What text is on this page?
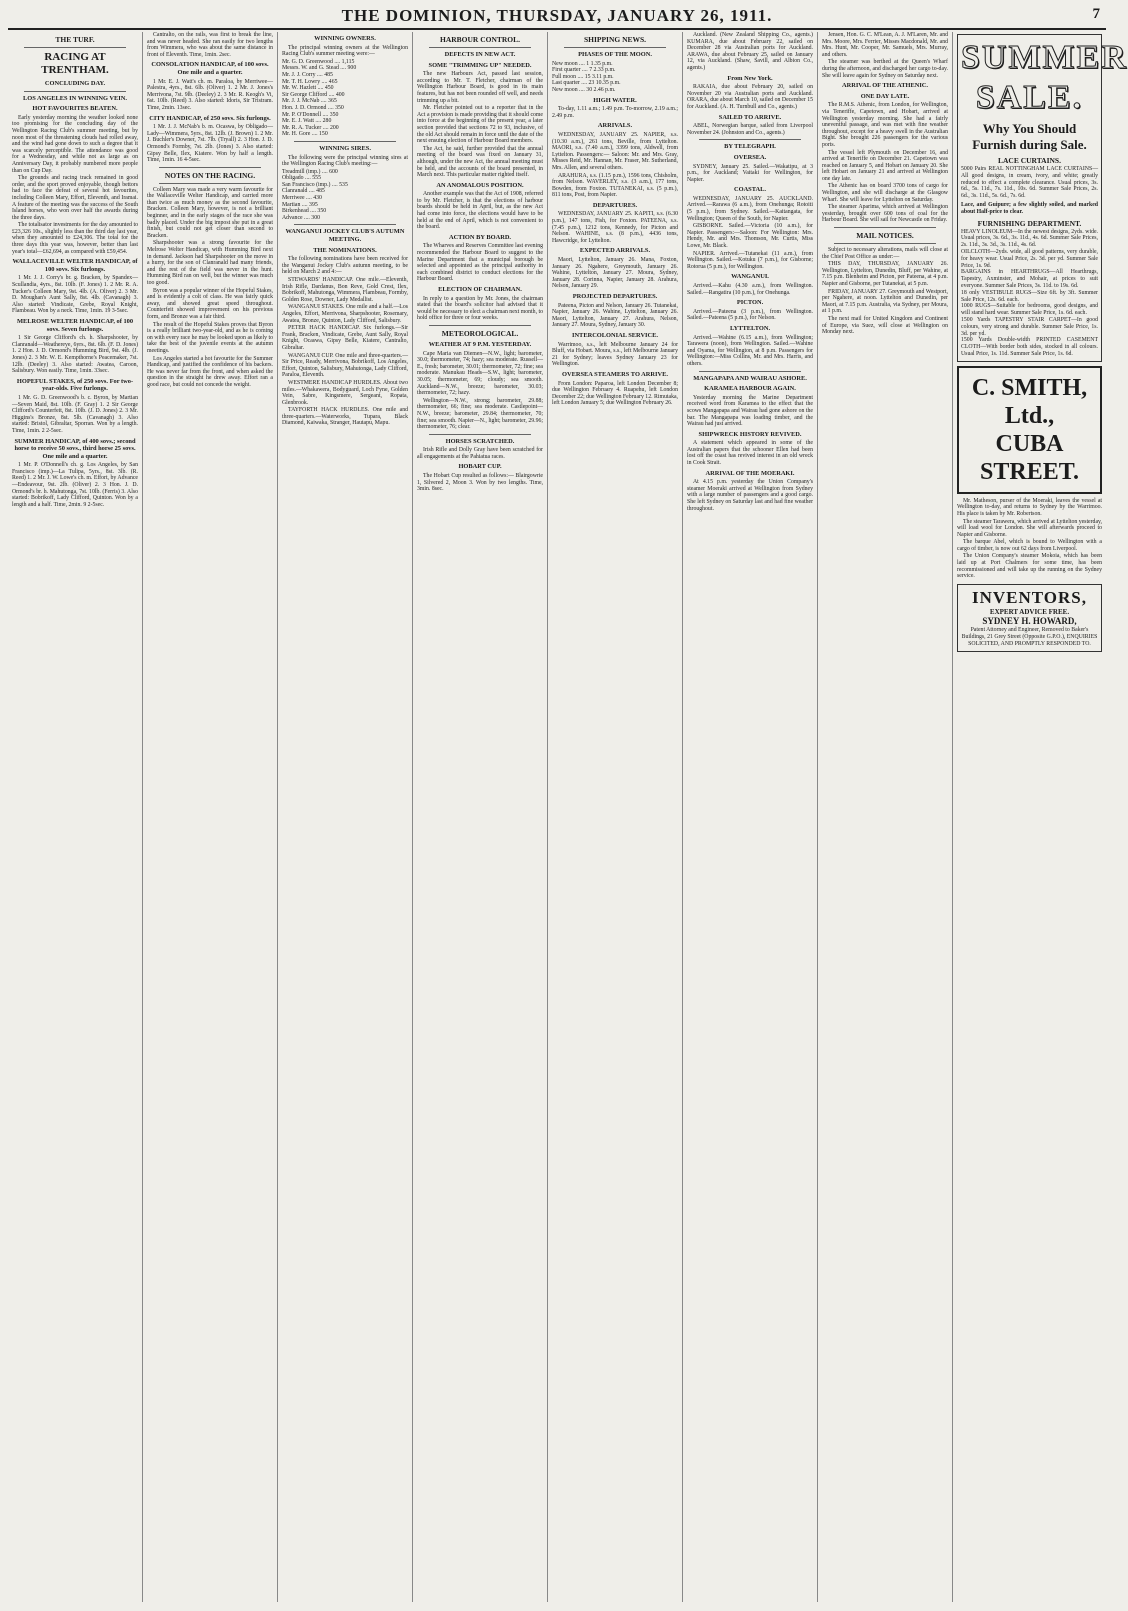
THE DOMINION, THURSDAY, JANUARY 26, 1911.	7
THE TURF.
RACING AT TRENTHAM.
CONCLUDING DAY.
LOS ANGELES IN WINNING VEIN.
HOT FAVOURITES BEATEN.

Early yesterday morning the weather looked none too promising for the concluding day of the Wellington Racing Club's summer meeting, but by noon most of the threatening clouds had rolled away, and the wind had gone down to such a degree that it was scarcely perceptible. The attendance was good for a Wednesday, and while not as large as on Anniversary Day, it probably numbered more people than on Cup Day.

The grounds and racing track remained in good order, and the sport proved enjoyable, though bettors had to face the defeat of several hot favourites, including Colleen Mary, Effort, Eleventh, and Iramai. A feature of the meeting was the success of the South Island horses, who won over half the awards during the three days.

The totalisator investments for the day amounted to £23,326 10s., slightly less than the third day last year, when they amounted to £24,306. The total for the three days this year was, however, better than last year's total—£62,694, as compared with £59,454.

WALLACEVILLE WELTER HANDICAP, of 100 sovs. Six furlongs.

1 Mr. J. J. Corry's br. g. Bracken, by Spandex—Scullandia, 4yrs., 8st. 10lb. (F. Jones) 1. 2 Mr. R. A. Tucker's Colleen Mary, 9st. 4lb. (A. Oliver) 2. 3 Mr. D. Moughan's Aunt Sally, 8st. 4lb. (Cavanagh) 3. Also started: Vindicate, Grebe, Royal Knight, Flambeau. Won by a neck. Time, 1min. 19 3-5sec.

MELROSE WELTER HANDICAP, of 100 sovs. Seven furlongs.

1 Sir George Clifford's ch. h. Sharpshooter, by Clanranald—Weathereye, 6yrs., 8st. 6lb. (F. D. Jones) 1. 2 Hon. J. D. Ormond's Humming Bird, 9st. 4lb. (J. Jones) 2. 3 Mr. W. E. Kempthorne's Peacemaker, 7st. 12lb. (Deeley) 3. Also started: Awatea, Caroon, Salisbury. Won easily. Time, 1min. 33sec.

HOPEFUL STAKES, of 250 sovs. For two-year-olds. Five furlongs.

1 Mr. G. D. Greenwood's b. c. Byron, by Martian—Seven Maid, 8st. 10lb. (F. Gray) 1. 2 Sir George Clifford's Counterfeit, 8st. 10lb. (J. D. Jones) 2. 3 Mr. Higgins's Bronze, 8st. 5lb. (Cavanagh) 3. Also started: Bristol, Gibraltar, Sporran. Won by a length. Time, 1min. 2 2-5sec.

SUMMER HANDICAP, of 400 sovs.; second horse to receive 50 sovs., third horse 25 sovs. One mile and a quarter.

1 Mr. P. O'Donnell's ch. g. Los Angeles, by San Francisco (imp.)—La Tulipa, 5yrs., 8st. 3lb. (R. Reed) 1. 2 Mr. J. W. Lowe's ch. m. Effort, by Advance—Endeavour, 9st. 2lb. (Oliver) 2. 3 Hon. J. D. Ormond's br. h. Mahutonga, 7st. 10lb. (Ferris) 3. Also started: Bobrikoff, Lady Clifford, Quinton. Won by a length and a half. Time, 2min. 9 2-5sec.

Cantralto, on the rails, was first to break the line, and was never headed. She ran easily for two lengths from Wimmera, who was about the same distance in front of Eleventh. Time, 1min. 2sec.

CONSOLATION HANDICAP, of 100 sovs. One mile and a quarter.

1 Mr. E. J. Watt's ch. m. Paraloa, by Merriwee—Palestra, 4yrs., 8st. 6lb. (Oliver) 1. 2 Mr. J. Jones's Merrivona, 7st. 9lb. (Deeley) 2. 3 Mr. R. Keogh's Vi, 6st. 10lb. (Reed) 3. Also started: Idoris, Sir Tristram. Time, 2min. 13sec.

CITY HANDICAP, of 250 sovs. Six furlongs.

1 Mr. J. J. McNab's b. m. Ocaswa, by Obligado—Lady—Wimmera, 5yrs., 8st. 12lb. (J. Brown) 1. 2 Mr. J. Buchler's Downer, 7st. 7lb. (Tryall) 2. 3 Hon. J. D. Ormond's Formby, 7st. 2lb. (Jones) 3. Also started: Gipsy Belle, Ilex, Kiatere. Won by half a length. Time, 1min. 16 4-5sec.

NOTES ON THE RACING.

Colleen Mary was made a very warm favourite for the Wallaceville Welter Handicap, and carried more than twice as much money as the second favourite, Bracken. Colleen Mary, however, is not a brilliant beginner, and in the early stages of the race she was badly placed. Under the big impost she put in a great finish, but could not get closer than second to Bracken.

Sharpshooter was a strong favourite for the Melrose Welter Handicap, with Humming Bird next in demand. Jackson had Sharpshooter on the move in a hurry, for the son of Clanranald had many friends, and the rest of the field was never in the hunt. Humming Bird ran on well, but the winner was much too good.

Byron was a popular winner of the Hopeful Stakes, and is evidently a colt of class. He was fairly quick away, and showed great speed throughout. Counterfeit showed improvement on his previous form, and Bronze was a fair third.

The result of the Hopeful Stakes proves that Byron is a really brilliant two-year-old, and as he is coming on with every race he may be looked upon as likely to take the best of the juvenile events at the autumn meetings.

Los Angeles started a hot favourite for the Summer Handicap, and justified the confidence of his backers. He was never far from the front, and when asked the question in the straight he drew away. Effort ran a good race, but could not concede the weight.

WINNING OWNERS.

The principal winning owners at the Wellington Racing Club's summer meeting were:—

Mr. G. D. Greenwood .... 1,115
Messrs. W. and G. Stead .... 900
Mr. J. J. Corry .... 485
Mr. T. H. Lowry .... 465
Mr. W. Hazlett .... 450
Sir George Clifford .... 400
Mr. J. J. McNab .... 365
Hon. J. D. Ormond .... 350
Mr. P. O'Donnell .... 350
Mr. E. J. Watt .... 280
Mr. R. A. Tucker .... 200
Mr. H. Gore .... 150
WINNING SIRES.

The following were the principal winning sires at the Wellington Racing Club's meeting:—

Treadmill (imp.) .... 600
Obligado .... 555
San Francisco (imp.) .... 535
Clanranald .... 485
Merriwee .... 430
Martian .... 395
Birkenhead .... 350
Advance .... 300
WANGANUI JOCKEY CLUB'S AUTUMN MEETING.
THE NOMINATIONS.

The following nominations have been received for the Wanganui Jockey Club's autumn meeting, to be held on March 2 and 4:—

STEWARDS' HANDICAP. One mile.—Eleventh, Irish Rifle, Dardanus, Bon Reve, Gold Crest, Ilex, Bobrikoff, Mahutonga, Wimmera, Flambeau, Formby, Golden Rose, Downer, Lady Medallist.

WANGANUI STAKES. One mile and a half.—Los Angeles, Effort, Merrivona, Sharpshooter, Rosemary, Awatea, Bronze, Quinton, Lady Clifford, Salisbury.

PETER HACK HANDICAP. Six furlongs.—Sir Frank, Bracken, Vindicate, Grebe, Aunt Sally, Royal Knight, Ocaswa, Gipsy Belle, Kiatere, Cantralto, Gibraltar.

WANGANUI CUP. One mile and three-quarters.—Sir Price, Ready, Merrivona, Bobrikoff, Los Angeles, Effort, Quinton, Salisbury, Mahutonga, Lady Clifford, Paraloa, Eleventh.

WESTMERE HANDICAP HURDLES. About two miles.—Whakawera, Bodyguard, Loch Fyne, Golden Vein, Sabre, Kingsmere, Sergeant, Ropata, Glenbrook.

TAYFORTH HACK HURDLES. One mile and three-quarters.—Waterworks, Tupara, Black Diamond, Kaiwaka, Stranger, Hautapu, Mapu.

HARBOUR CONTROL.
DEFECTS IN NEW ACT.
SOME "TRIMMING UP" NEEDED.

The new Harbours Act, passed last session, according to Mr. T. Fletcher, chairman of the Wellington Harbour Board, is good in its main features, but has not been rounded off well, and needs trimming up a bit.

Mr. Fletcher pointed out to a reporter that in the Act a provision is made providing that it should come into force at the beginning of the present year, a later section provided that sections 72 to 93, inclusive, of the old Act should remain in force until the date of the next ensuing election of Harbour Board members.

The Act, he said, further provided that the annual meeting of the board was fixed on January 31, although, under the new Act, the annual meeting must be held, and the accounts of the board presented, in March next. This particular matter righted itself.

AN ANOMALOUS POSITION.

Another example was that the Act of 1908, referred to by Mr. Fletcher, is that the elections of harbour boards should be held in April, but, as the new Act had come into force, the elections would have to be held at the end of April, which is not convenient to the board.

ACTION BY BOARD.

The Wharves and Reserves Committee last evening recommended the Harbour Board to suggest to the Marine Department that a municipal borough be selected and appointed as the principal authority in each combined district to conduct elections for the Harbour Board.

ELECTION OF CHAIRMAN.

In reply to a question by Mr. Jones, the chairman stated that the board's solicitor had advised that it would be necessary to elect a chairman next month, to hold office for three or four weeks.

METEOROLOGICAL.
WEATHER AT 9 P.M. YESTERDAY.

Cape Maria van Diemen—N.W., light; barometer, 30.0; thermometer, 74; hazy; sea moderate. Russell—E., fresh; barometer, 30.01; thermometer, 72; fine; sea moderate. Manukau Heads—S.W., light; barometer, 30.05; thermometer, 69; cloudy; sea smooth. Auckland—N.W., breeze; barometer, 30.03; thermometer, 72; hazy.

Wellington—N.W., strong; barometer, 29.88; thermometer, 66; fine; sea moderate. Castlepoint—N.W., breeze; barometer, 29.84; thermometer, 70; fine; sea smooth. Napier—N., light; barometer, 29.96; thermometer, 76; clear.

HORSES SCRATCHED.

Irish Rifle and Dolly Gray have been scratched for all engagements at the Pahiatua races.

HOBART CUP.

The Hobart Cup resulted as follows:— Blairgowrie 1, Silvered 2, Moon 3. Won by two lengths. Time, 3min. 8sec.

SHIPPING NEWS.
PHASES OF THE MOON.
New moon .... 1 1.35 p.m.
First quarter .... 7 2.33 p.m.
Full moon .... 15 3.11 p.m.
Last quarter .... 23 10.35 p.m.
New moon .... 30 2.46 p.m.
HIGH WATER.

To-day, 1.11 a.m.; 1.49 p.m. To-morrow, 2.19 a.m.; 2.49 p.m.

ARRIVALS.

WEDNESDAY, JANUARY 25. NAPIER, s.s. (10.30 a.m.), 261 tons, Beville, from Lyttelton. MAORI, s.s. (7.40 a.m.), 3399 tons, Aldwell, from Lyttelton. Passengers:— Saloon: Mr. and Mrs. Gray, Misses Reid, Mr. Hannan, Mr. Fraser, Mr. Sutherland, Mrs. Allen, and several others.

ARAHURA, s.s. (1.15 p.m.), 1596 tons, Chisholm, from Nelson. WAVERLEY, s.s. (3 a.m.), 177 tons, Bowden, from Foxton. TUTANEKAI, s.s. (5 p.m.), 811 tons, Post, from Napier.

DEPARTURES.

WEDNESDAY, JANUARY 25. KAPITI, s.s. (6.30 p.m.), 147 tons, Fish, for Foxton. PATEENA, s.s. (7.45 p.m.), 1212 tons, Kennedy, for Picton and Nelson. WAHINE, s.s. (8 p.m.), 4436 tons, Hawcridge, for Lyttelton.

EXPECTED ARRIVALS.

Maori, Lyttelton, January 26. Mana, Foxton, January 26. Ngahere, Greymouth, January 26. Wahine, Lyttelton, January 27. Moura, Sydney, January 28. Corinna, Napier, January 28. Arahura, Nelson, January 29.

PROJECTED DEPARTURES.

Pateena, Picton and Nelson, January 26. Tutanekai, Napier, January 26. Wahine, Lyttelton, January 26. Maori, Lyttelton, January 27. Arahura, Nelson, January 27. Moura, Sydney, January 30.

INTERCOLONIAL SERVICE.

Warrimoo, s.s., left Melbourne January 24 for Bluff, via Hobart. Moura, s.s., left Melbourne January 21 for Sydney; leaves Sydney January 23 for Wellington.

OVERSEA STEAMERS TO ARRIVE.

From London: Paparoa, left London December 8; due Wellington February 4. Ruapehu, left London December 22; due Wellington February 12. Rimutaka, left London January 5; due Wellington February 26.

Auckland. (New Zealand Shipping Co., agents.) KUMARA, due about February 22, sailed on December 28 via Australian ports for Auckland. ARAWA, due about February 25, sailed on January 12, via Auckland. (Shaw, Savill, and Albion Co., agents.)

From New York.

RAKAIA, due about February 20, sailed on November 20 via Australian ports and Auckland. ORARA, due about March 10, sailed on December 15 for Auckland. (A. H. Turnbull and Co., agents.)

SAILED TO ARRIVE.

ABEL, Norwegian barque, sailed from Liverpool November 24. (Johnston and Co., agents.)

BY TELEGRAPH.
OVERSEA.

SYDNEY, January 25. Sailed.—Wakatipu, at 3 p.m., for Auckland; Vaitaki for Wellington, for Napier.

COASTAL.

WEDNESDAY, JANUARY 25. AUCKLAND. Arrived.—Rarawa (6 a.m.), from Onehunga; Rotoiti (5 p.m.), from Sydney. Sailed.—Kaitangata, for Wellington; Queen of the South, for Napier.

GISBORNE. Sailed.—Victoria (10 a.m.), for Napier. Passengers:—Saloon: For Wellington: Mrs. Hendy, Mr. and Mrs. Thomson, Mr. Curtis, Miss Lowe, Mr. Black.

NAPIER. Arrived.—Tutanekai (11 a.m.), from Wellington. Sailed.—Kotuku (7 p.m.), for Gisborne; Rotorua (5 p.m.), for Wellington.

WANGANUI.

Arrived.—Kahu (4.30 a.m.), from Wellington. Sailed.—Rangatira (10 p.m.), for Onehunga.

PICTON.

Arrived.—Pateena (3 p.m.), from Wellington. Sailed.—Pateena (5 p.m.), for Nelson.

LYTTELTON.

Arrived.—Wahine (6.15 a.m.), from Wellington; Tarawera (noon), from Wellington. Sailed.—Wahine and Oyama, for Wellington, at 8 p.m. Passengers for Wellington:—Miss Collins, Mr. and Mrs. Harris, and others.

MANGAPAPA AND WAIRAU ASHORE.
KARAMEA HARBOUR AGAIN.

Yesterday morning the Marine Department received word from Karamea to the effect that the scows Mangapapa and Wairau had gone ashore on the bar. The Mangapapa was loading timber, and the Wairau had just arrived.

SHIPWRECK HISTORY REVIVED.

A statement which appeared in some of the Australian papers that the schooner Ellen had been lost off the coast has revived interest in an old wreck in Cook Strait.

ARRIVAL OF THE MOERAKI.

At 4.15 p.m. yesterday the Union Company's steamer Moeraki arrived at Wellington from Sydney with a large number of passengers and a good cargo. She left Sydney on Saturday last and had fine weather throughout.

Jensen, Hon. G. C. M'Lean, A. J. M'Laren, Mr. and Mrs. Moore, Mrs. Ferrier, Misses Macdonald, Mr. and Mrs. Hunt, Mr. Cooper, Mr. Samuels, Mrs. Murray, and others.

The steamer was berthed at the Queen's Wharf during the afternoon, and discharged her cargo to-day. She will leave again for Sydney on Saturday next.

ARRIVAL OF THE ATHENIC.
ONE DAY LATE.

The R.M.S. Athenic, from London, for Wellington, via Teneriffe, Capetown, and Hobart, arrived at Wellington yesterday morning. She had a fairly uneventful passage, and was met with fine weather throughout, except for a heavy swell in the Australian Bight. She brought 226 passengers for the various ports.

The vessel left Plymouth on December 16, and arrived at Teneriffe on December 21. Capetown was reached on January 5, and Hobart on January 20. She left Hobart on January 21 and arrived at Wellington one day late.

The Athenic has on board 3700 tons of cargo for Wellington, and she will discharge at the Glasgow Wharf. She will leave for Lyttelton on Saturday.

The steamer Aparima, which arrived at Wellington yesterday, brought over 600 tons of coal for the Harbour Board. She will sail for Newcastle on Friday.

MAIL NOTICES.

Subject to necessary alterations, mails will close at the Chief Post Office as under:—

THIS DAY, THURSDAY, JANUARY 26. Wellington, Lyttelton, Dunedin, Bluff, per Wahine, at 7.15 p.m. Blenheim and Picton, per Pateena, at 4 p.m. Napier and Gisborne, per Tutanekai, at 5 p.m.

FRIDAY, JANUARY 27. Greymouth and Westport, per Ngahere, at noon. Lyttelton and Dunedin, per Maori, at 7.15 p.m. Australia, via Sydney, per Moura, at 1 p.m.

The next mail for United Kingdom and Continent of Europe, via Suez, will close at Wellington on Monday next.

SUMMER SALE.
Why You Should Furnish during Sale.
LACE CURTAINS.
5000 Pairs REAL NOTTINGHAM LACE CURTAINS—All good designs, in cream, ivory, and white; greatly reduced to effect a complete clearance. Usual prices, 3s. 6d., 5s. 11d., 7s. 11d., 10s. 6d. Summer Sale Prices, 2s. 6d., 3s. 11d., 5s. 6d., 7s. 6d.
Lace, and Guipure; a few slightly soiled, and marked about Half-price to clear.
FURNISHING DEPARTMENT.
HEAVY LINOLEUM—In the newest designs, 2yds. wide. Usual prices, 3s. 6d., 3s. 11d., 4s. 6d. Summer Sale Prices, 2s. 11d., 3s. 3d., 3s. 11d., 4s. 6d.
OILCLOTH—2yds. wide, all good patterns, very durable, for heavy wear. Usual Price, 2s. 3d. per yd. Summer Sale Price, 1s. 9d.
BARGAINS in HEARTHRUGS—All Hearthrugs, Tapestry, Axminster, and Mohair, at prices to suit everyone. Summer Sale Prices, 3s. 11d. to 19s. 6d.
18 only VESTIBULE RUGS—Size 6ft. by 3ft. Summer Sale Price, 12s. 6d. each.
1000 RUGS—Suitable for bedrooms, good designs, and will stand hard wear. Summer Sale Price, 1s. 6d. each.
1500 Yards TAPESTRY STAIR CARPET—In good colours, very strong and durable. Summer Sale Price, 1s. 3d. per yd.
1500 Yards Double-width PRINTED CASEMENT CLOTH—With border both sides, stocked in all colours. Usual Price, 1s. 11d. Summer Sale Price, 1s. 6d.
C. SMITH, Ltd.,
CUBA STREET.

Mr. Matheson, purser of the Moeraki, leaves the vessel at Wellington to-day, and returns to Sydney by the Warrimoo. His place is taken by Mr. Robertson.

The steamer Tarawera, which arrived at Lyttelton yesterday, will load wool for London. She will afterwards proceed to Napier and Gisborne.

The barque Abel, which is bound to Wellington with a cargo of timber, is now out 62 days from Liverpool.

The Union Company's steamer Mokoia, which has been laid up at Port Chalmers for some time, has been recommissioned and will take up the running on the Sydney service.

INVENTORS,
EXPERT ADVICE FREE.
SYDNEY H. HOWARD,
Patent Attorney and Engineer, Removed to Baker's Buildings, 21 Grey Street (Opposite G.P.O.), ENQUIRIES SOLICITED, AND PROMPTLY RESPONDED TO.
